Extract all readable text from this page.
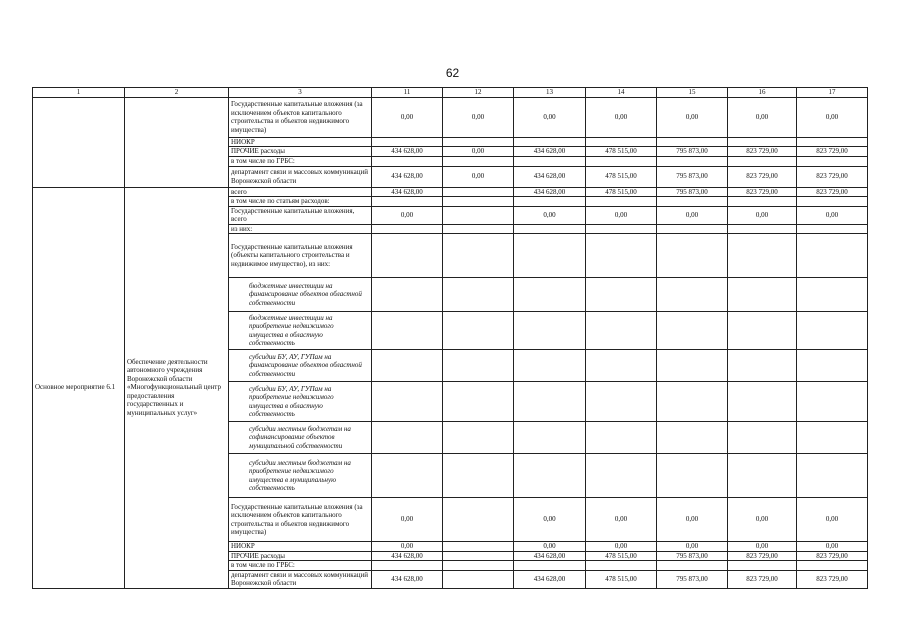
62
1	2	3	11	12	13	14	15	16	17
		Государственные капитальные вложения (за исключением объектов капитального строительства и объектов недвижимого имущества)	0,00	0,00	0,00	0,00	0,00	0,00	0,00
		НИОКР							
		ПРОЧИЕ расходы	434 628,00	0,00	434 628,00	478 515,00	795 873,00	823 729,00	823 729,00
		в том числе по ГРБС:							
		департамент связи и массовых коммуникаций Воронежской области	434 628,00	0,00	434 628,00	478 515,00	795 873,00	823 729,00	823 729,00
Основное мероприятие 6.1	Обеспечение деятельности автономного учреждения Воронежской области «Многофункциональный центр предоставления государственных и муниципальных услуг»	всего	434 628,00		434 628,00	478 515,00	795 873,00	823 729,00	823 729,00
		в том числе по статьям расходов:							
		Государственные капитальные вложения, всего	0,00		0,00	0,00	0,00	0,00	0,00
		из них:							
		Государственные капитальные вложения (объекты капитального строительства и недвижимое имущество), из них:							
		бюджетные инвестиции на финансирование объектов областной собственности							
		бюджетные инвестиции на приобретение недвижимого имущества в областную собственность							
		субсидии БУ, АУ, ГУПам на финансирование объектов областной собственности							
		субсидии БУ, АУ, ГУПам на приобретение недвижимого имущества в областную собственность							
		субсидии местным бюджетам на софинансирование объектов муниципальной собственности							
		субсидии местным бюджетам на приобретение недвижимого имущества в муниципальную собственность							
		Государственные капитальные вложения (за исключением объектов капитального строительства и объектов недвижимого имущества)	0,00		0,00	0,00	0,00	0,00	0,00
		НИОКР	0,00		0,00	0,00	0,00	0,00	0,00
		ПРОЧИЕ расходы	434 628,00		434 628,00	478 515,00	795 873,00	823 729,00	823 729,00
		в том числе по ГРБС:							
		департамент связи и массовых коммуникаций Воронежской области	434 628,00		434 628,00	478 515,00	795 873,00	823 729,00	823 729,00
